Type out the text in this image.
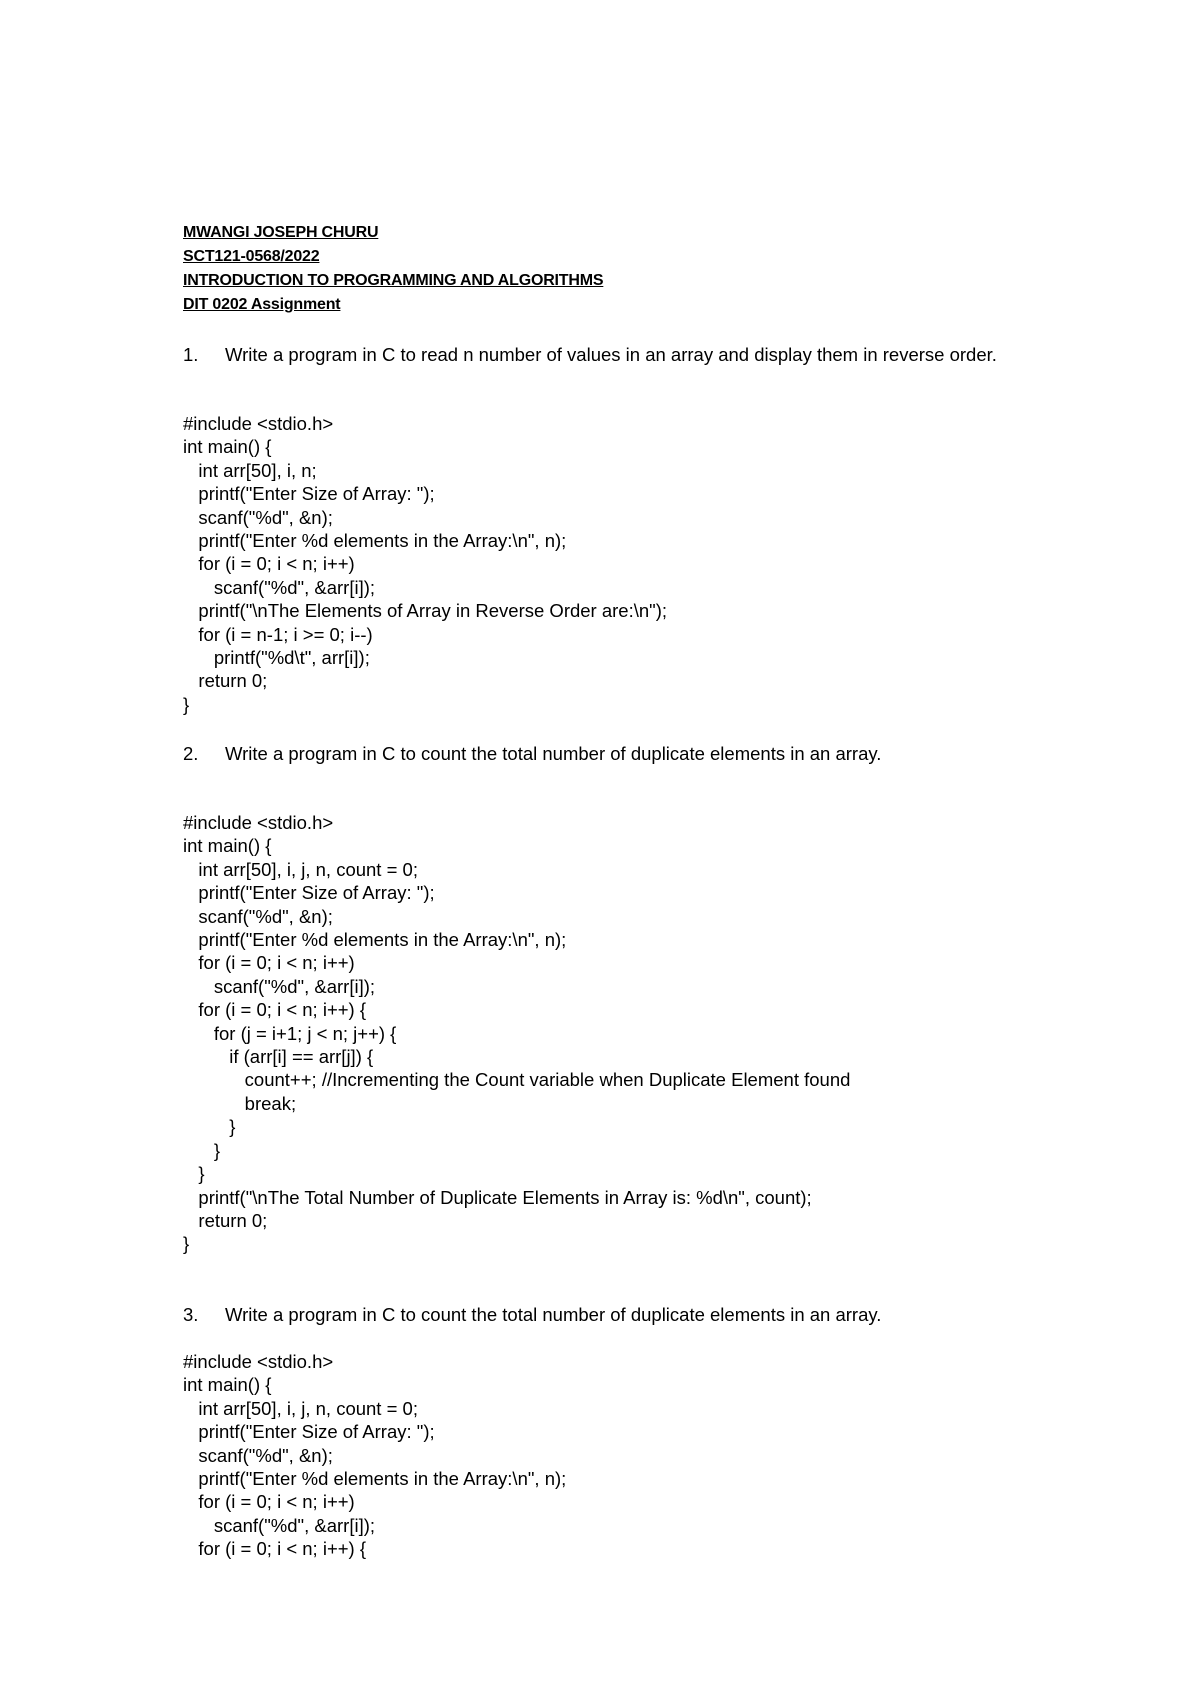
MWANGI JOSEPH CHURU
SCT121-0568/2022
INTRODUCTION TO PROGRAMMING AND ALGORITHMS
DIT 0202 Assignment
1.	Write a program in C to read n number of values in an array and display them in reverse order.
#include <stdio.h>
int main() {
int arr[50], i, n;
printf("Enter Size of Array: ");
scanf("%d", &n);
printf("Enter %d elements in the Array:\n", n);
for (i = 0; i < n; i++)
scanf("%d", &arr[i]);
printf("\nThe Elements of Array in Reverse Order are:\n");
for (i = n-1; i >= 0; i--)
printf("%d\t", arr[i]);
return 0;
}
2.	Write a program in C to count the total number of duplicate elements in an array.
#include <stdio.h>
int main() {
int arr[50], i, j, n, count = 0;
printf("Enter Size of Array: ");
scanf("%d", &n);
printf("Enter %d elements in the Array:\n", n);
for (i = 0; i < n; i++)
scanf("%d", &arr[i]);
for (i = 0; i < n; i++) {
for (j = i+1; j < n; j++) {
if (arr[i] == arr[j]) {
count++; //Incrementing the Count variable when Duplicate Element found
break;
}
}
}
printf("\nThe Total Number of Duplicate Elements in Array is: %d\n", count);
return 0;
}
3.	Write a program in C to count the total number of duplicate elements in an array.
#include <stdio.h>
int main() {
int arr[50], i, j, n, count = 0;
printf("Enter Size of Array: ");
scanf("%d", &n);
printf("Enter %d elements in the Array:\n", n);
for (i = 0; i < n; i++)
scanf("%d", &arr[i]);
for (i = 0; i < n; i++) {
